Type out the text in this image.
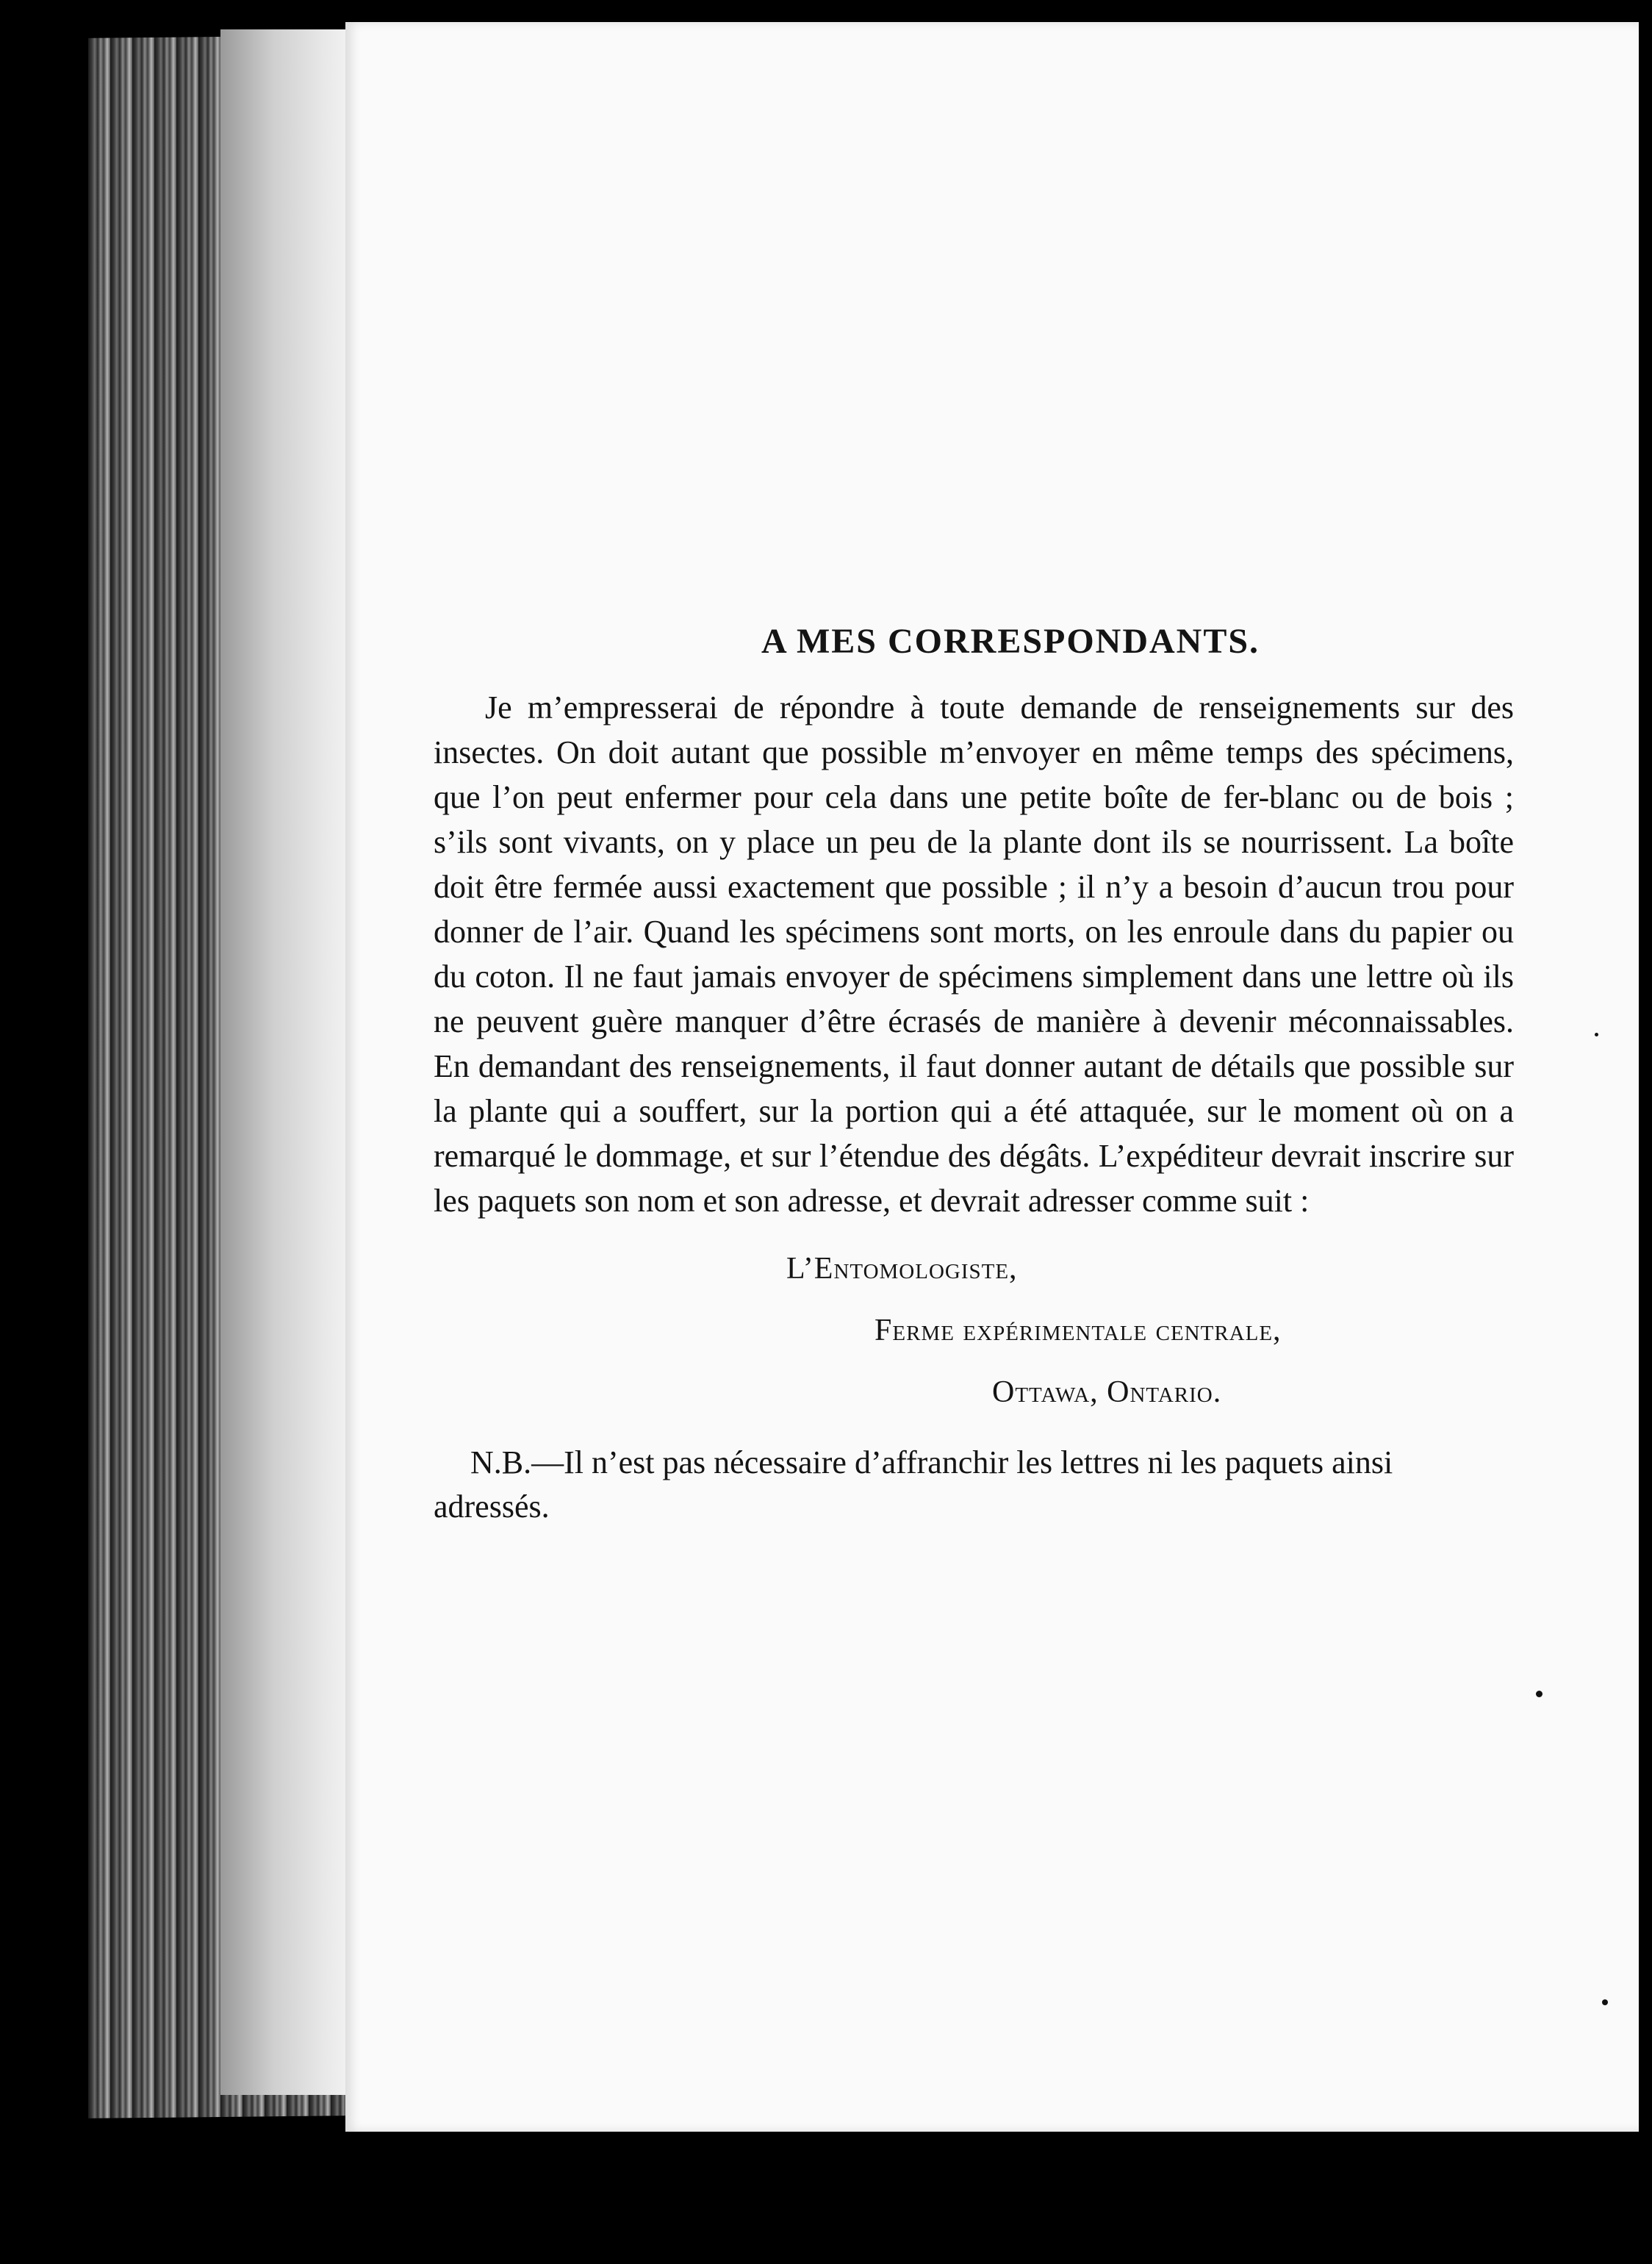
A MES CORRESPONDANTS.

Je m’empresserai de répondre à toute demande de renseignements sur des insectes. On doit autant que possible m’envoyer en même temps des spécimens, que l’on peut enfermer pour cela dans une petite boîte de fer-blanc ou de bois ; s’ils sont vivants, on y place un peu de la plante dont ils se nourrissent. La boîte doit être fermée aussi exactement que possible ; il n’y a besoin d’aucun trou pour donner de l’air. Quand les spécimens sont morts, on les enroule dans du papier ou du coton. Il ne faut jamais envoyer de spécimens simplement dans une lettre où ils ne peuvent guère manquer d’être écrasés de manière à devenir méconnaissables. En demandant des renseignements, il faut donner autant de détails que possible sur la plante qui a souffert, sur la portion qui a été attaquée, sur le moment où on a remarqué le dommage, et sur l’étendue des dégâts. L’expéditeur devrait inscrire sur les paquets son nom et son adresse, et devrait adresser comme suit :

L’Entomologiste,

Ferme expérimentale centrale,

Ottawa, Ontario.

N.B.—Il n’est pas nécessaire d’affranchir les lettres ni les paquets ainsi adressés.
